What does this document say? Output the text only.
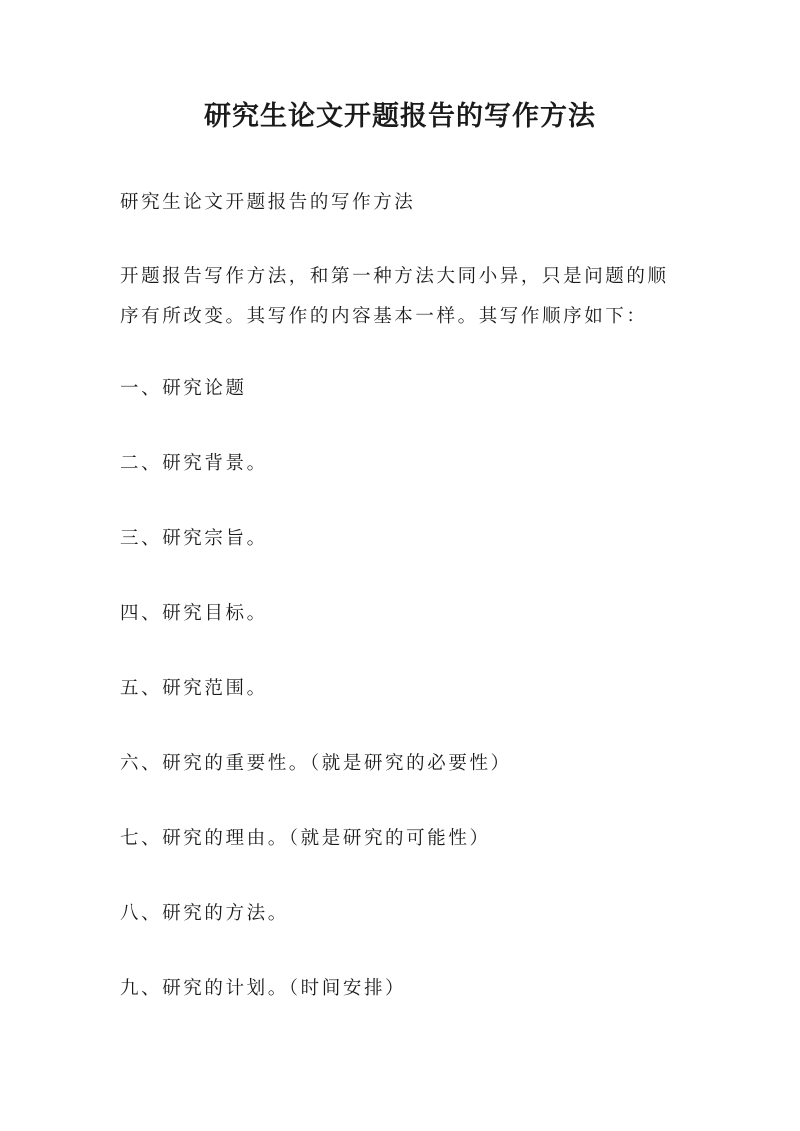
研究生论文开题报告的写作方法

研究生论文开题报告的写作方法

开题报告写作方法，和第一种方法大同小异，只是问题的顺序有所改变。其写作的内容基本一样。其写作顺序如下：

一、研究论题
二、研究背景。
三、研究宗旨。
四、研究目标。
五、研究范围。
六、研究的重要性。（就是研究的必要性）
七、研究的理由。（就是研究的可能性）
八、研究的方法。
九、研究的计划。（时间安排）
